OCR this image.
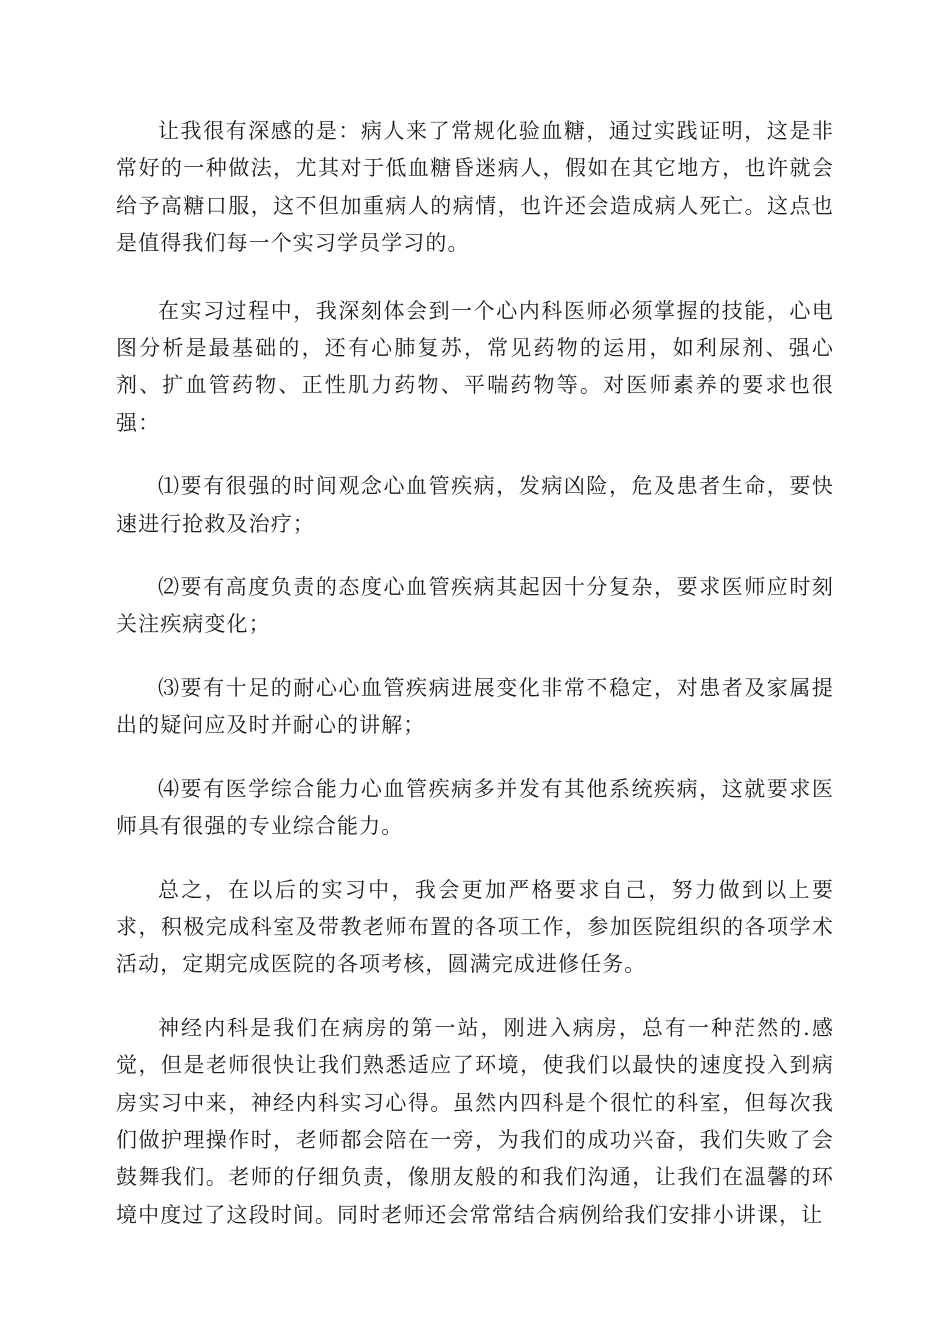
让我很有深感的是：病人来了常规化验血糖，通过实践证明，这是非常好的一种做法，尤其对于低血糖昏迷病人，假如在其它地方，也许就会给予高糖口服，这不但加重病人的病情，也许还会造成病人死亡。这点也是值得我们每一个实习学员学习的。

在实习过程中，我深刻体会到一个心内科医师必须掌握的技能，心电图分析是最基础的，还有心肺复苏，常见药物的运用，如利尿剂、强心剂、扩血管药物、正性肌力药物、平喘药物等。对医师素养的要求也很强：

⑴要有很强的时间观念心血管疾病，发病凶险，危及患者生命，要快速进行抢救及治疗；

⑵要有高度负责的态度心血管疾病其起因十分复杂，要求医师应时刻关注疾病变化；

⑶要有十足的耐心心血管疾病进展变化非常不稳定，对患者及家属提出的疑问应及时并耐心的讲解；

⑷要有医学综合能力心血管疾病多并发有其他系统疾病，这就要求医师具有很强的专业综合能力。

总之，在以后的实习中，我会更加严格要求自己，努力做到以上要求，积极完成科室及带教老师布置的各项工作，参加医院组织的各项学术活动，定期完成医院的各项考核，圆满完成进修任务。

神经内科是我们在病房的第一站，刚进入病房，总有一种茫然的.感觉，但是老师很快让我们熟悉适应了环境，使我们以最快的速度投入到病房实习中来，神经内科实习心得。虽然内四科是个很忙的科室，但每次我们做护理操作时，老师都会陪在一旁，为我们的成功兴奋，我们失败了会鼓舞我们。老师的仔细负责，像朋友般的和我们沟通，让我们在温馨的环境中度过了这段时间。同时老师还会常常结合病例给我们安排小讲课，让
